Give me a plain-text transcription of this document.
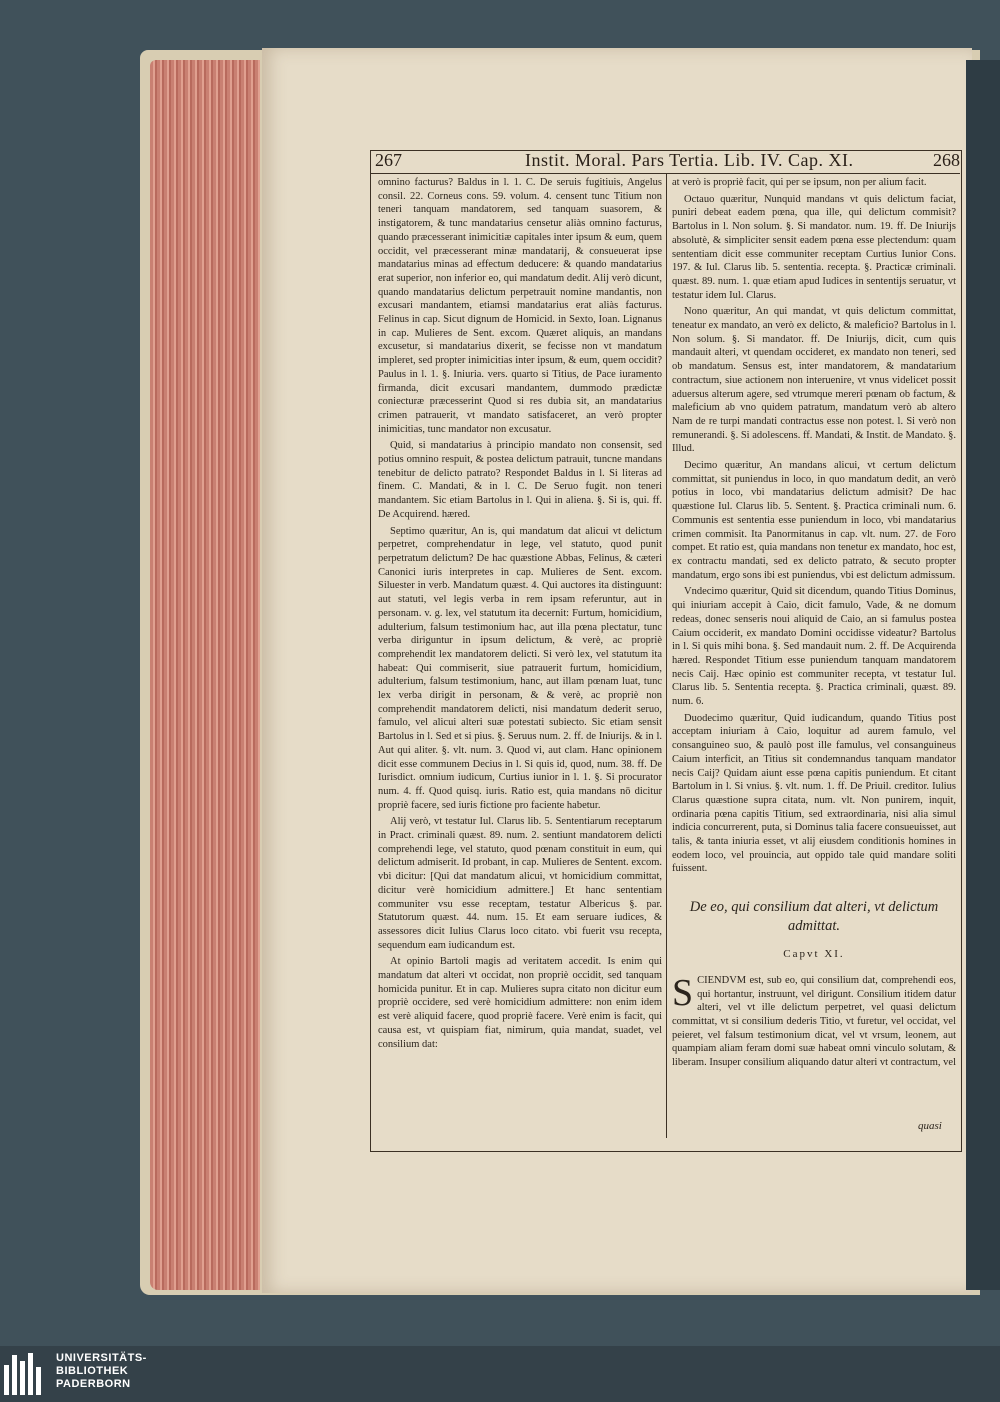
267	Instit. Moral. Pars Tertia. Lib. IV. Cap. XI.	268

omnino facturus? Baldus in l. 1. C. De seruis fugitiuis, Angelus consil. 22. Corneus cons. 59. volum. 4. censent tunc Titium non teneri tanquam mandatorem, sed tanquam suasorem, & instigatorem, & tunc mandatarius censetur aliàs omnino facturus, quando præcesserant inimicitiæ capitales inter ipsum & eum, quem occidit, vel præcesserant minæ mandatarij, & consueuerat ipse mandatarius minas ad effectum deducere: & quando mandatarius erat superior, non inferior eo, qui mandatum dedit. Alij verò dicunt, quando mandatarius delictum perpetrauit nomine mandantis, non excusari mandantem, etiamsi mandatarius erat aliàs facturus. Felinus in cap. Sicut dignum de Homicid. in Sexto, Ioan. Lignanus in cap. Mulieres de Sent. excom. Quæret aliquis, an mandans excusetur, si mandatarius dixerit, se fecisse non vt mandatum impleret, sed propter inimicitias inter ipsum, & eum, quem occidit? Paulus in l. 1. §. Iniuria. vers. quarto si Titius, de Pace iuramento firmanda, dicit excusari mandantem, dummodo prædictæ coniecturæ præcesserint Quod si res dubia sit, an mandatarius crimen patrauerit, vt mandato satisfaceret, an verò propter inimicitias, tunc mandator non excusatur.

Quid, si mandatarius à principio mandato non consensit, sed potius omnino respuit, & postea delictum patrauit, tuncne mandans tenebitur de delicto patrato? Respondet Baldus in l. Si literas ad finem. C. Mandati, & in l. C. De Seruo fugit. non teneri mandantem. Sic etiam Bartolus in l. Qui in aliena. §. Si is, qui. ff. De Acquirend. hæred.

Septimo quæritur, An is, qui mandatum dat alicui vt delictum perpetret, comprehendatur in lege, vel statuto, quod punit perpetratum delictum? De hac quæstione Abbas, Felinus, & cæteri Canonici iuris interpretes in cap. Mulieres de Sent. excom. Siluester in verb. Mandatum quæst. 4. Qui auctores ita distinguunt: aut statuti, vel legis verba in rem ipsam referuntur, aut in personam. v. g. lex, vel statutum ita decernit: Furtum, homicidium, adulterium, falsum testimonium hac, aut illa pœna plectatur, tunc verba diriguntur in ipsum delictum, & verè, ac propriè comprehendit lex mandatorem delicti. Si verò lex, vel statutum ita habeat: Qui commiserit, siue patrauerit furtum, homicidium, adulterium, falsum testimonium, hanc, aut illam pœnam luat, tunc lex verba dirigit in personam, & & verè, ac propriè non comprehendit mandatorem delicti, nisi mandatum dederit seruo, famulo, vel alicui alteri suæ potestati subiecto. Sic etiam sensit Bartolus in l. Sed et si pius. §. Seruus num. 2. ff. de Iniurijs. & in l. Aut qui aliter. §. vlt. num. 3. Quod vi, aut clam. Hanc opinionem dicit esse communem Decius in l. Si quis id, quod, num. 38. ff. De Iurisdict. omnium iudicum, Curtius iunior in l. 1. §. Si procurator num. 4. ff. Quod quisq. iuris. Ratio est, quia mandans nō dicitur propriè facere, sed iuris fictione pro faciente habetur.

Alij verò, vt testatur Iul. Clarus lib. 5. Sententiarum receptarum in Pract. criminali quæst. 89. num. 2. sentiunt mandatorem delicti comprehendi lege, vel statuto, quod pœnam constituit in eum, qui delictum admiserit. Id probant, in cap. Mulieres de Sentent. excom. vbi dicitur: [Qui dat mandatum alicui, vt homicidium committat, dicitur verè homicidium admittere.] Et hanc sententiam communiter vsu esse receptam, testatur Albericus §. par. Statutorum quæst. 44. num. 15. Et eam seruare iudices, & assessores dicit Iulius Clarus loco citato. vbi fuerit vsu recepta, sequendum eam iudicandum est.

At opinio Bartoli magis ad veritatem accedit. Is enim qui mandatum dat alteri vt occidat, non propriè occidit, sed tanquam homicida punitur. Et in cap. Mulieres supra citato non dicitur eum propriè occidere, sed verè homicidium admittere: non enim idem est verè aliquid facere, quod propriè facere. Verè enim is facit, qui causa est, vt quispiam fiat, nimirum, quia mandat, suadet, vel consilium dat:

at verò is propriè facit, qui per se ipsum, non per alium facit.

Octauo quæritur, Nunquid mandans vt quis delictum faciat, puniri debeat eadem pœna, qua ille, qui delictum commisit? Bartolus in l. Non solum. §. Si mandator. num. 19. ff. De Iniurijs absolutè, & simpliciter sensit eadem pœna esse plectendum: quam sententiam dicit esse communiter receptam Curtius Iunior Cons. 197. & Iul. Clarus lib. 5. sententia. recepta. §. Practicæ criminali. quæst. 89. num. 1. quæ etiam apud Iudices in sententijs seruatur, vt testatur idem Iul. Clarus.

Nono quæritur, An qui mandat, vt quis delictum committat, teneatur ex mandato, an verò ex delicto, & maleficio? Bartolus in l. Non solum. §. Si mandator. ff. De Iniurijs, dicit, cum quis mandauit alteri, vt quendam occideret, ex mandato non teneri, sed ob mandatum. Sensus est, inter mandatorem, & mandatarium contractum, siue actionem non interuenire, vt vnus videlicet possit aduersus alterum agere, sed vtrumque mereri pœnam ob factum, & maleficium ab vno quidem patratum, mandatum verò ab altero Nam de re turpi mandati contractus esse non potest. l. Si verò non remunerandi. §. Si adolescens. ff. Mandati, & Instit. de Mandato. §. Illud.

Decimo quæritur, An mandans alicui, vt certum delictum committat, sit puniendus in loco, in quo mandatum dedit, an verò potius in loco, vbi mandatarius delictum admisit? De hac quæstione Iul. Clarus lib. 5. Sentent. §. Practica criminali num. 6. Communis est sententia esse puniendum in loco, vbi mandatarius crimen commisit. Ita Panormitanus in cap. vlt. num. 27. de Foro compet. Et ratio est, quia mandans non tenetur ex mandato, hoc est, ex contractu mandati, sed ex delicto patrato, & secuto propter mandatum, ergo sons ibi est puniendus, vbi est delictum admissum.

Vndecimo quæritur, Quid sit dicendum, quando Titius Dominus, qui iniuriam accepit à Caio, dicit famulo, Vade, & ne domum redeas, donec senseris noui aliquid de Caio, an si famulus postea Caium occiderit, ex mandato Domini occidisse videatur? Bartolus in l. Si quis mihi bona. §. Sed mandauit num. 2. ff. De Acquirenda hæred. Respondet Titium esse puniendum tanquam mandatorem necis Caij. Hæc opinio est communiter recepta, vt testatur Iul. Clarus lib. 5. Sententia recepta. §. Practica criminali, quæst. 89. num. 6.

Duodecimo quæritur, Quid iudicandum, quando Titius post acceptam iniuriam à Caio, loquitur ad aurem famulo, vel consanguineo suo, & paulò post ille famulus, vel consanguineus Caium interficit, an Titius sit condemnandus tanquam mandator necis Caij? Quidam aiunt esse pœna capitis puniendum. Et citant Bartolum in l. Si vnius. §. vlt. num. 1. ff. De Priuil. creditor. Iulius Clarus quæstione supra citata, num. vlt. Non punirem, inquit, ordinaria pœna capitis Titium, sed extraordinaria, nisi alia simul indicia concurrerent, puta, si Dominus talia facere consueuisset, aut talis, & tanta iniuria esset, vt alij eiusdem conditionis homines in eodem loco, vel prouincia, aut oppido tale quid mandare soliti fuissent.

De eo, qui consilium dat alteri, vt delictum admittat.
Capvt XI.

SCIENDVM est, sub eo, qui consilium dat, comprehendi eos, qui hortantur, instruunt, vel dirigunt. Consilium itidem datur alteri, vel vt ille delictum perpetret, vel quasi delictum committat, vt si consilium dederis Titio, vt furetur, vel occidat, vel peieret, vel falsum testimonium dicat, vel vt vrsum, leonem, aut quampiam aliam feram domi suæ habeat omni vinculo solutam, & liberam. Insuper consilium aliquando datur alteri vt contractum, vel

quasi
UNIVERSITÄTS-
BIBLIOTHEK
PADERBORN
